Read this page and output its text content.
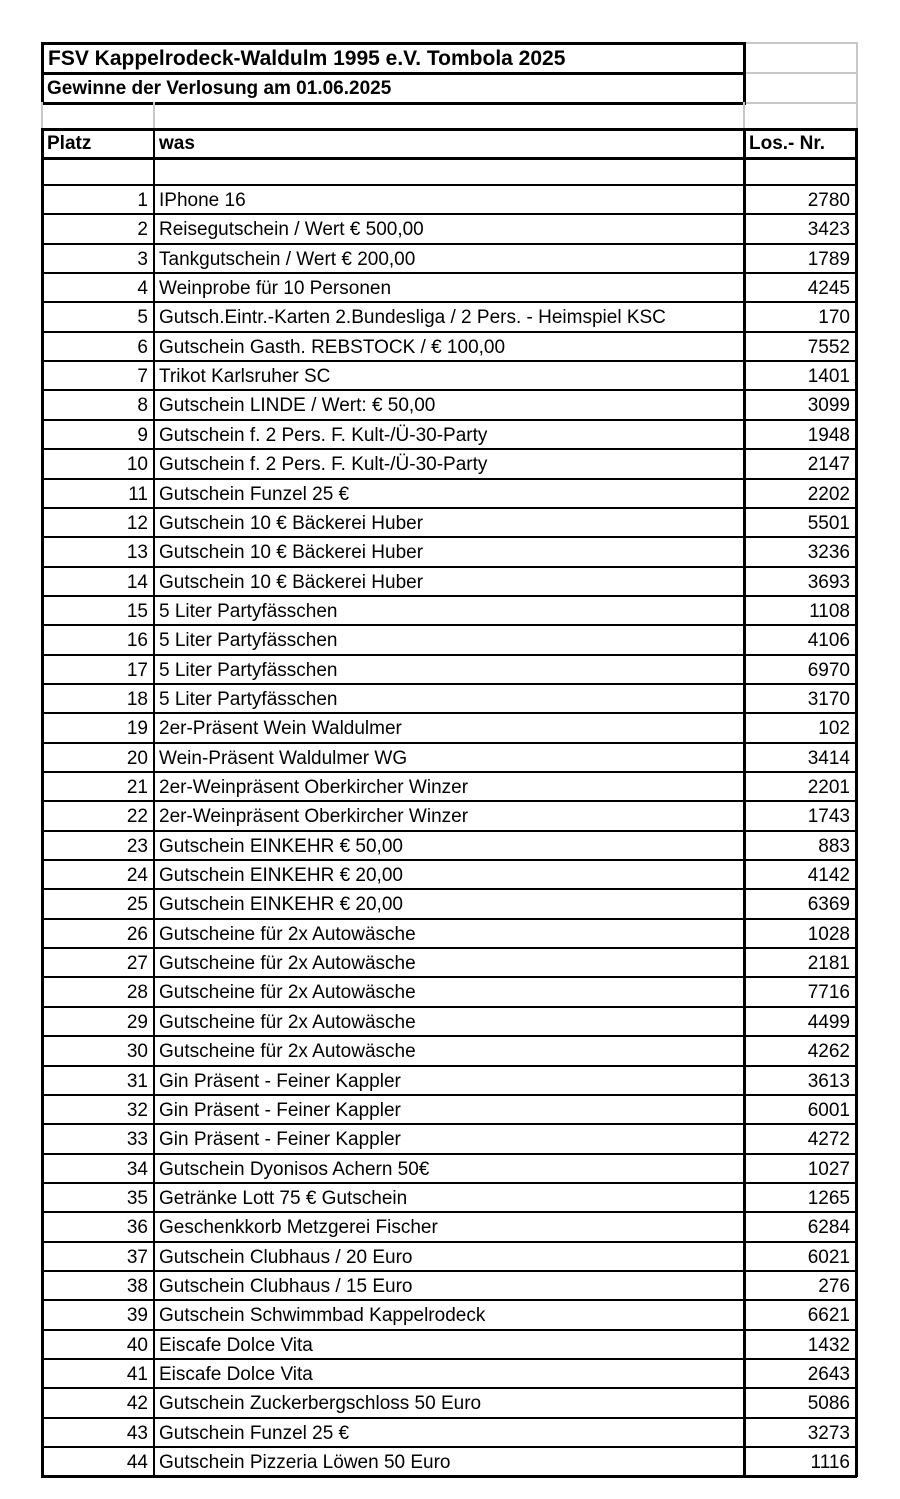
FSV Kappelrodeck-Waldulm 1995 e.V. Tombola 2025
Gewinne der Verlosung am 01.06.2025
Platz	was	Los.- Nr.
1 IPhone 16	2780
2 Reisegutschein / Wert € 500,00	3423
3 Tankgutschein / Wert € 200,00	1789
4 Weinprobe für 10 Personen	4245
5 Gutsch.Eintr.-Karten 2.Bundesliga / 2 Pers. - Heimspiel KSC	170
6 Gutschein Gasth. REBSTOCK / € 100,00	7552
7 Trikot Karlsruher SC	1401
8 Gutschein LINDE / Wert: € 50,00	3099
9 Gutschein f. 2 Pers. F. Kult-/Ü-30-Party	1948
10 Gutschein f. 2 Pers. F. Kult-/Ü-30-Party	2147
11 Gutschein Funzel 25 €	2202
12 Gutschein 10 € Bäckerei Huber	5501
13 Gutschein 10 € Bäckerei Huber	3236
14 Gutschein 10 € Bäckerei Huber	3693
15 5 Liter Partyfässchen	1108
16 5 Liter Partyfässchen	4106
17 5 Liter Partyfässchen	6970
18 5 Liter Partyfässchen	3170
19 2er-Präsent Wein Waldulmer	102
20 Wein-Präsent Waldulmer WG	3414
21 2er-Weinpräsent Oberkircher Winzer	2201
22 2er-Weinpräsent Oberkircher Winzer	1743
23 Gutschein EINKEHR € 50,00	883
24 Gutschein EINKEHR € 20,00	4142
25 Gutschein EINKEHR € 20,00	6369
26 Gutscheine für 2x Autowäsche	1028
27 Gutscheine für 2x Autowäsche	2181
28 Gutscheine für 2x Autowäsche	7716
29 Gutscheine für 2x Autowäsche	4499
30 Gutscheine für 2x Autowäsche	4262
31 Gin Präsent - Feiner Kappler	3613
32 Gin Präsent - Feiner Kappler	6001
33 Gin Präsent - Feiner Kappler	4272
34 Gutschein Dyonisos Achern 50€	1027
35 Getränke Lott 75 € Gutschein	1265
36 Geschenkkorb Metzgerei Fischer	6284
37 Gutschein Clubhaus / 20 Euro	6021
38 Gutschein Clubhaus / 15 Euro	276
39 Gutschein Schwimmbad Kappelrodeck	6621
40 Eiscafe Dolce Vita	1432
41 Eiscafe Dolce Vita	2643
42 Gutschein Zuckerbergschloss 50 Euro	5086
43 Gutschein Funzel 25 €	3273
44 Gutschein Pizzeria Löwen 50 Euro	1116
